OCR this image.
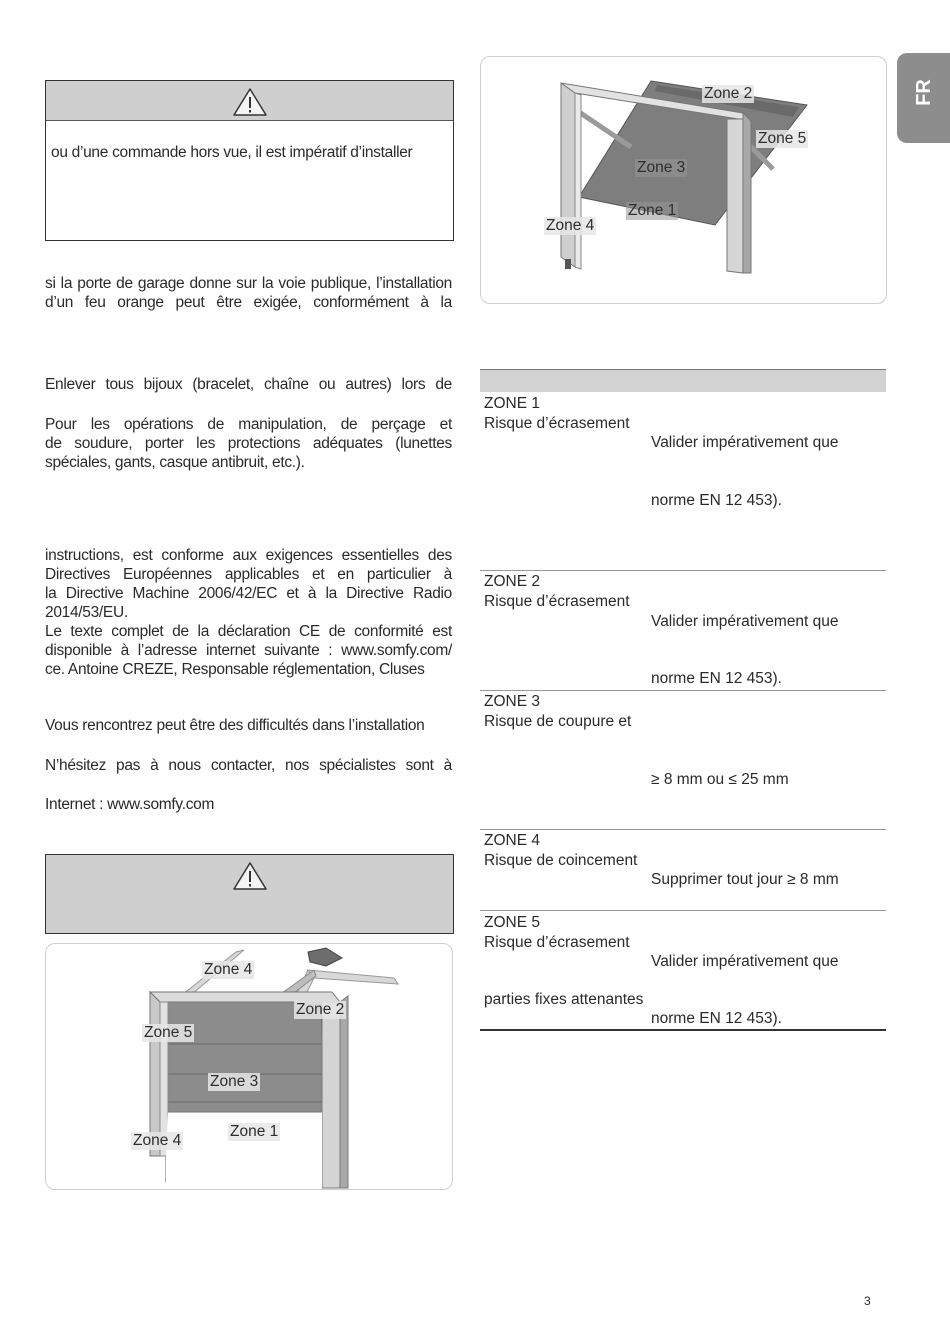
FR
ou d’une commande hors vue, il est impératif d’installer
si la porte de garage donne sur la voie publique, l’installation
d’un feu orange peut être exigée, conformément à la
Enlever tous bijoux (bracelet, chaîne ou autres) lors de
Pour les opérations de manipulation, de perçage et
de soudure, porter les protections adéquates (lunettes
spéciales, gants, casque antibruit, etc.).
instructions, est conforme aux exigences essentielles des
Directives Européennes applicables et en particulier à
la Directive Machine 2006/42/EC et à la Directive Radio
2014/53/EU.
Le texte complet de la déclaration CE de conformité est
disponible à l’adresse internet suivante : www.somfy.com/
ce. Antoine CREZE, Responsable réglementation, Cluses
Vous rencontrez peut être des difficultés dans l’installation
N’hésitez pas à nous contacter, nos spécialistes sont à
Internet : www.somfy.com
Zone 4
Zone 2
Zone 5
Zone 3
Zone 4
Zone 1
Zone 2
Zone 5
Zone 3
Zone 1
Zone 4
ZONE 1
Risque d’écrasement
Valider impérativement que
norme EN 12 453).
ZONE 2
Risque d’écrasement
Valider impérativement que
norme EN 12 453).
ZONE 3
Risque de coupure et
≥ 8 mm ou ≤ 25 mm
ZONE 4
Risque de coincement
Supprimer tout jour ≥ 8 mm
ZONE 5
Risque d’écrasement
Valider impérativement que
parties fixes attenantes
norme EN 12 453).
3
